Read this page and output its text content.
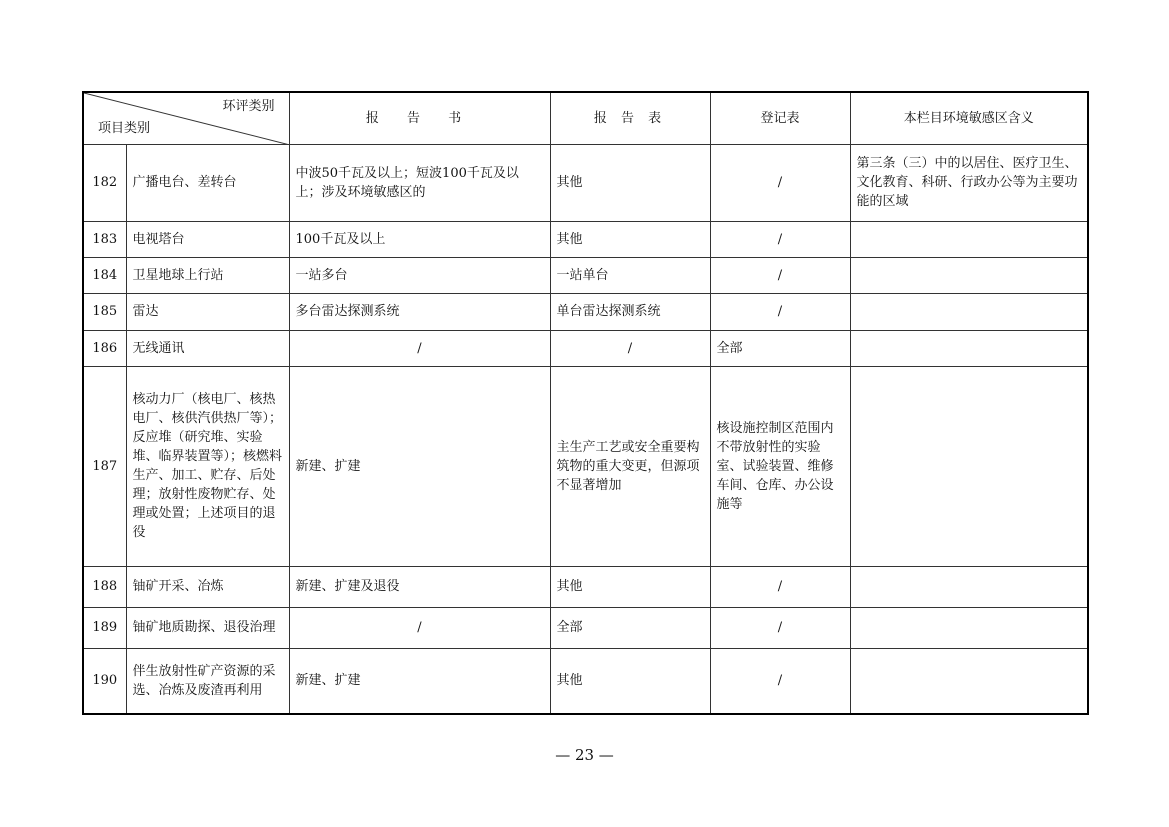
环评类别
项目类别		报 告 书	报 告 表	登记表	本栏目环境敏感区含义
182	广播电台、差转台	中波50千瓦及以上；短波100千瓦及以上；涉及环境敏感区的	其他	/	第三条（三）中的以居住、医疗卫生、文化教育、科研、行政办公等为主要功能的区域
183	电视塔台	100千瓦及以上	其他	/	
184	卫星地球上行站	一站多台	一站单台	/	
185	雷达	多台雷达探测系统	单台雷达探测系统	/	
186	无线通讯	/	/	全部	
187	核动力厂（核电厂、核热电厂、核供汽供热厂等）；反应堆（研究堆、实验堆、临界装置等）；核燃料生产、加工、贮存、后处理；放射性废物贮存、处理或处置；上述项目的退役	新建、扩建	主生产工艺或安全重要构筑物的重大变更，但源项不显著增加	核设施控制区范围内不带放射性的实验室、试验装置、维修车间、仓库、办公设施等	
188	铀矿开采、冶炼	新建、扩建及退役	其他	/	
189	铀矿地质勘探、退役治理	/	全部	/	
190	伴生放射性矿产资源的采选、冶炼及废渣再利用	新建、扩建	其他	/	
— 23 —
